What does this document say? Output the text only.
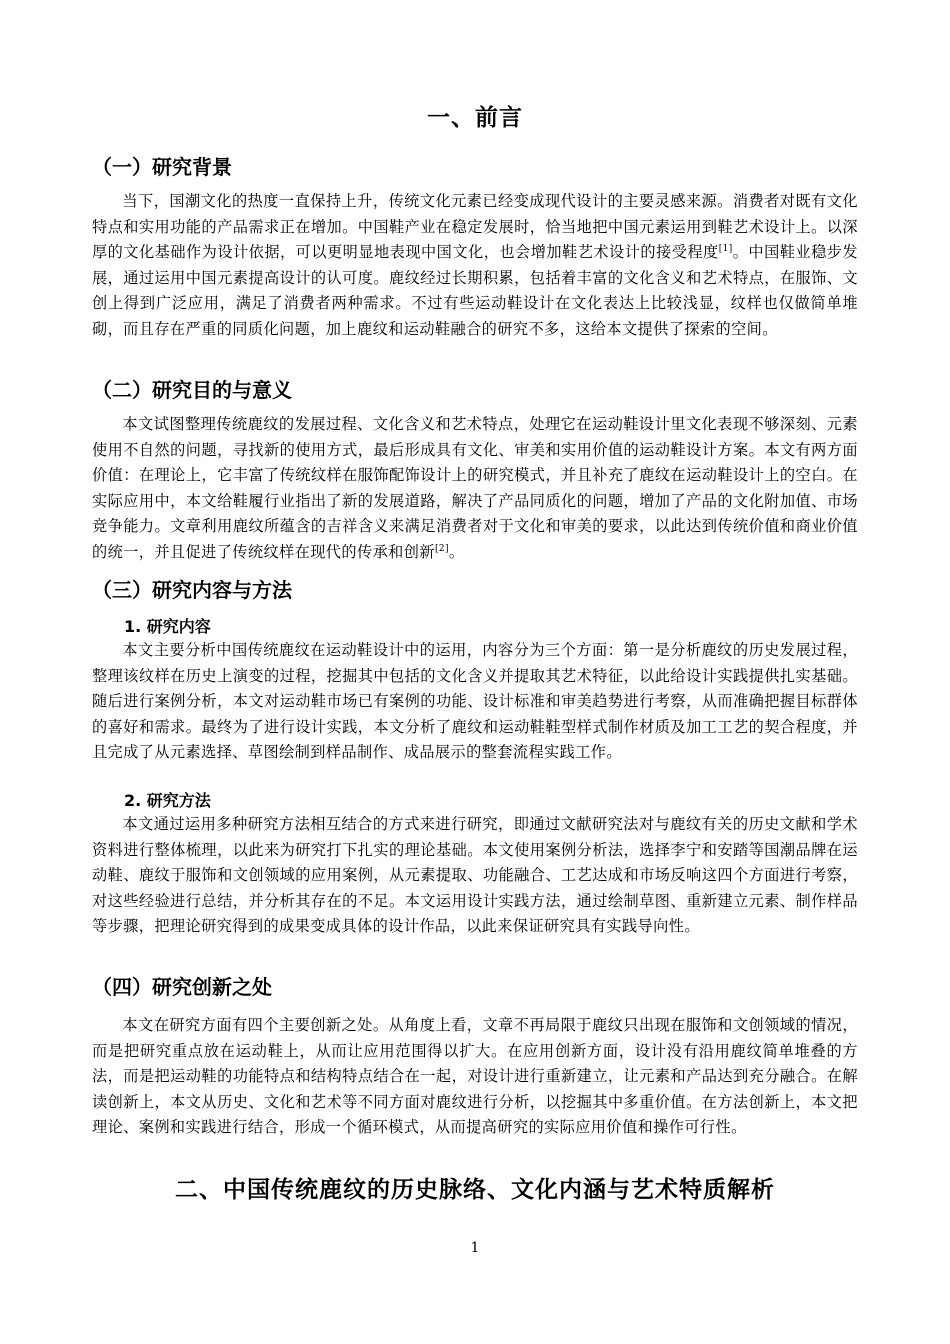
一、前言
（一）研究背景

当下，国潮文化的热度一直保持上升，传统文化元素已经变成现代设计的主要灵感来源。消费者对既有文化特点和实用功能的产品需求正在增加。中国鞋产业在稳定发展时，恰当地把中国元素运用到鞋艺术设计上。以深厚的文化基础作为设计依据，可以更明显地表现中国文化，也会增加鞋艺术设计的接受程度[1]。中国鞋业稳步发展，通过运用中国元素提高设计的认可度。鹿纹经过长期积累，包括着丰富的文化含义和艺术特点，在服饰、文创上得到广泛应用，满足了消费者两种需求。不过有些运动鞋设计在文化表达上比较浅显，纹样也仅做简单堆砌，而且存在严重的同质化问题，加上鹿纹和运动鞋融合的研究不多，这给本文提供了探索的空间。

（二）研究目的与意义

本文试图整理传统鹿纹的发展过程、文化含义和艺术特点，处理它在运动鞋设计里文化表现不够深刻、元素使用不自然的问题，寻找新的使用方式，最后形成具有文化、审美和实用价值的运动鞋设计方案。本文有两方面价值：在理论上，它丰富了传统纹样在服饰配饰设计上的研究模式，并且补充了鹿纹在运动鞋设计上的空白。在实际应用中，本文给鞋履行业指出了新的发展道路，解决了产品同质化的问题，增加了产品的文化附加值、市场竞争能力。文章利用鹿纹所蕴含的吉祥含义来满足消费者对于文化和审美的要求，以此达到传统价值和商业价值的统一，并且促进了传统纹样在现代的传承和创新[2]。

（三）研究内容与方法
1. 研究内容

本文主要分析中国传统鹿纹在运动鞋设计中的运用，内容分为三个方面：第一是分析鹿纹的历史发展过程，整理该纹样在历史上演变的过程，挖掘其中包括的文化含义并提取其艺术特征，以此给设计实践提供扎实基础。随后进行案例分析，本文对运动鞋市场已有案例的功能、设计标准和审美趋势进行考察，从而准确把握目标群体的喜好和需求。最终为了进行设计实践，本文分析了鹿纹和运动鞋鞋型样式制作材质及加工工艺的契合程度，并且完成了从元素选择、草图绘制到样品制作、成品展示的整套流程实践工作。

2. 研究方法

本文通过运用多种研究方法相互结合的方式来进行研究，即通过文献研究法对与鹿纹有关的历史文献和学术资料进行整体梳理，以此来为研究打下扎实的理论基础。本文使用案例分析法，选择李宁和安踏等国潮品牌在运动鞋、鹿纹于服饰和文创领域的应用案例，从元素提取、功能融合、工艺达成和市场反响这四个方面进行考察，对这些经验进行总结，并分析其存在的不足。本文运用设计实践方法，通过绘制草图、重新建立元素、制作样品等步骤，把理论研究得到的成果变成具体的设计作品，以此来保证研究具有实践导向性。

（四）研究创新之处

本文在研究方面有四个主要创新之处。从角度上看，文章不再局限于鹿纹只出现在服饰和文创领域的情况，而是把研究重点放在运动鞋上，从而让应用范围得以扩大。在应用创新方面，设计没有沿用鹿纹简单堆叠的方法，而是把运动鞋的功能特点和结构特点结合在一起，对设计进行重新建立，让元素和产品达到充分融合。在解读创新上，本文从历史、文化和艺术等不同方面对鹿纹进行分析，以挖掘其中多重价值。在方法创新上，本文把理论、案例和实践进行结合，形成一个循环模式，从而提高研究的实际应用价值和操作可行性。

二、中国传统鹿纹的历史脉络、文化内涵与艺术特质解析
1
